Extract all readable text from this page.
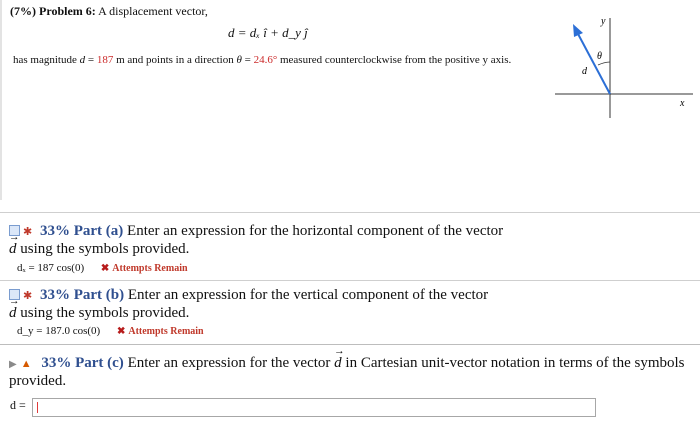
(7%) Problem 6: A displacement vector,
d = dₓ î + d_y ĵ
has magnitude d = 187 m and points in a direction θ = 24.6° measured counterclockwise from the positive y axis.
y
x
d
θ
✱ 33% Part (a) Enter an expression for the horizontal component of the vector
→ d using the symbols provided.
dₓ = 187 cos(0) ✖ Attempts Remain
✱ 33% Part (b) Enter an expression for the vertical component of the vector
→ d using the symbols provided.
d_y = 187.0 cos(0) ✖ Attempts Remain
▶ ▲ 33% Part (c) Enter an expression for the vector → d in Cartesian unit-vector notation in terms of the symbols
provided.
d =
